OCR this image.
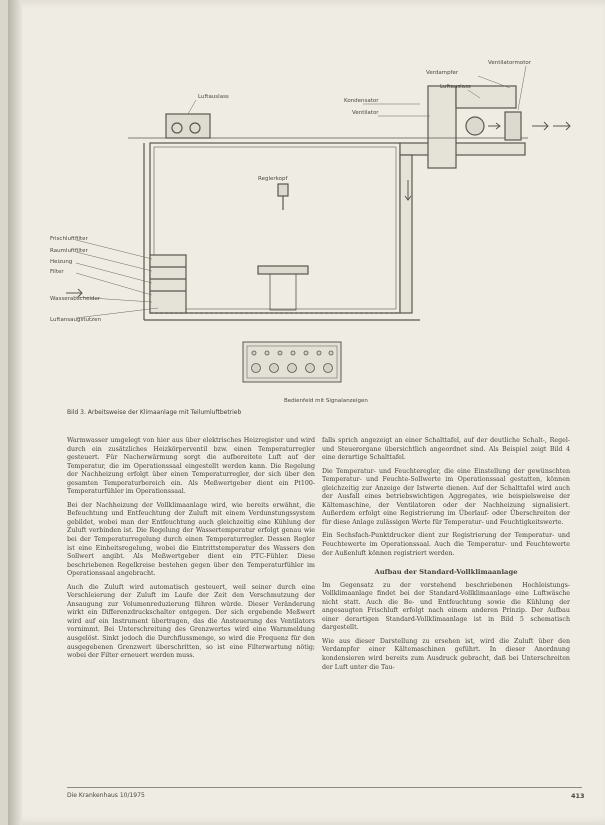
Luftauslass
Kondensator
Ventilator
Reglerkopf
Luftauslass
Verdampfer
Ventilatormotor
Frischluftfilter
Raumluftfilter
Heizung
Filter
Wasserabscheider
Luftansaugstutzen
Bedienfeld mit Signalanzeigen
Bild 3. Arbeitsweise der Klimaanlage mit Teilumluftbetrieb

Warmwasser umgelegt von hier aus über elektrisches Heizregister und wird durch ein zusätzliches Heizkörperventil bzw. einen Temperaturregler gesteuert. Für Nacherwärmung sorgt die aufbereitete Luft auf der Temperatur, die im Operationssaal eingestellt werden kann. Die Regelung der Nachheizung erfolgt über einen Temperaturregler, der sich über den gesamten Temperaturbereich ein. Als Meßwertgeber dient ein Pt100-Temperaturfühler im Operationssaal.

Bei der Nachheizung der Vollklimaanlage wird, wie bereits erwähnt, die Befeuchtung und Entfeuchtung der Zuluft mit einem Verdunstungssystem gebildet, wobei man der Entfeuchtung auch gleichzeitig eine Kühlung der Zuluft verbinden ist. Die Regelung der Wassertemperatur erfolgt genau wie bei der Temperaturregelung durch einen Temperaturregler. Dessen Regler ist eine Einheitsregelung, wobei die Eintrittstemperatur des Wassers den Sollwert angibt. Als Meßwertgeber dient ein PTC-Fühler. Diese beschriebenen Regelkreise bestehen gegen über den Temperaturfühler im Operationssaal angebracht.

Auch die Zuluft wird automatisch gesteuert, weil seiner durch eine Verschleierung der Zuluft im Laufe der Zeit den Verschmutzung der Ansaugung zur Volumenreduzierung führen würde. Dieser Veränderung wirkt ein Differenzdruckschalter entgegen. Der sich ergebende Meßwert wird auf ein Instrument übertragen, das die Ansteuerung des Ventilators vornimmt. Bei Unterschreitung des Grenzwertes wird eine Warnmeldung ausgelöst. Sinkt jedoch die Durchflussmenge, so wird die Frequenz für den ausgegebenen Grenzwert überschritten, so ist eine Filterwartung nötig; wobei der Filter erneuert werden muss.

falls sprich angezeigt an einer Schalttafel, auf der deutliche Schalt-, Regel- und Steuerorgane übersichtlich angeordnet sind. Als Beispiel zeigt Bild 4 eine derartige Schalttafel.

Die Temperatur- und Feuchteregler, die eine Einstellung der gewünschten Temperatur- und Feuchte-Sollwerte im Operationssaal gestatten, können gleichzeitig zur Anzeige der Istwerte dienen. Auf der Schalttafel wird auch der Ausfall eines betriebswichtigen Aggregates, wie beispielsweise der Kältemaschine, der Ventilatoren oder der Nachheizung signalisiert. Außerdem erfolgt eine Registrierung im Überlauf- oder Überschreiten der für diese Anlage zulässigen Werte für Temperatur- und Feuchtigkeitswerte.

Ein Sechsfach-Punktdrucker dient zur Registrierung der Temperatur- und Feuchtewerte im Operationssaal. Auch die Temperatur- und Feuchtewerte der Außenluft können registriert werden.

Aufbau der Standard-Vollklimaanlage

Im Gegensatz zu der vorstehend beschriebenen Hochleistungs-Vollklimaanlage findet bei der Standard-Vollklimaanlage eine Luftwäsche nicht statt. Auch die Be- und Entfeuchtung sowie die Kühlung der angesaugten Frischluft erfolgt nach einem anderen Prinzip. Der Aufbau einer derartigen Standard-Vollklimaanlage ist in Bild 5 schematisch dargestellt.

Wie aus dieser Darstellung zu ersehen ist, wird die Zuluft über den Verdampfer einer Kältemaschinen geführt. In dieser Anordnung kondensieren wird bereits zum Ausdruck gebracht, daß bei Unterschreiten der Luft unter die Tau-

Die Krankenhaus 10/1975	413
